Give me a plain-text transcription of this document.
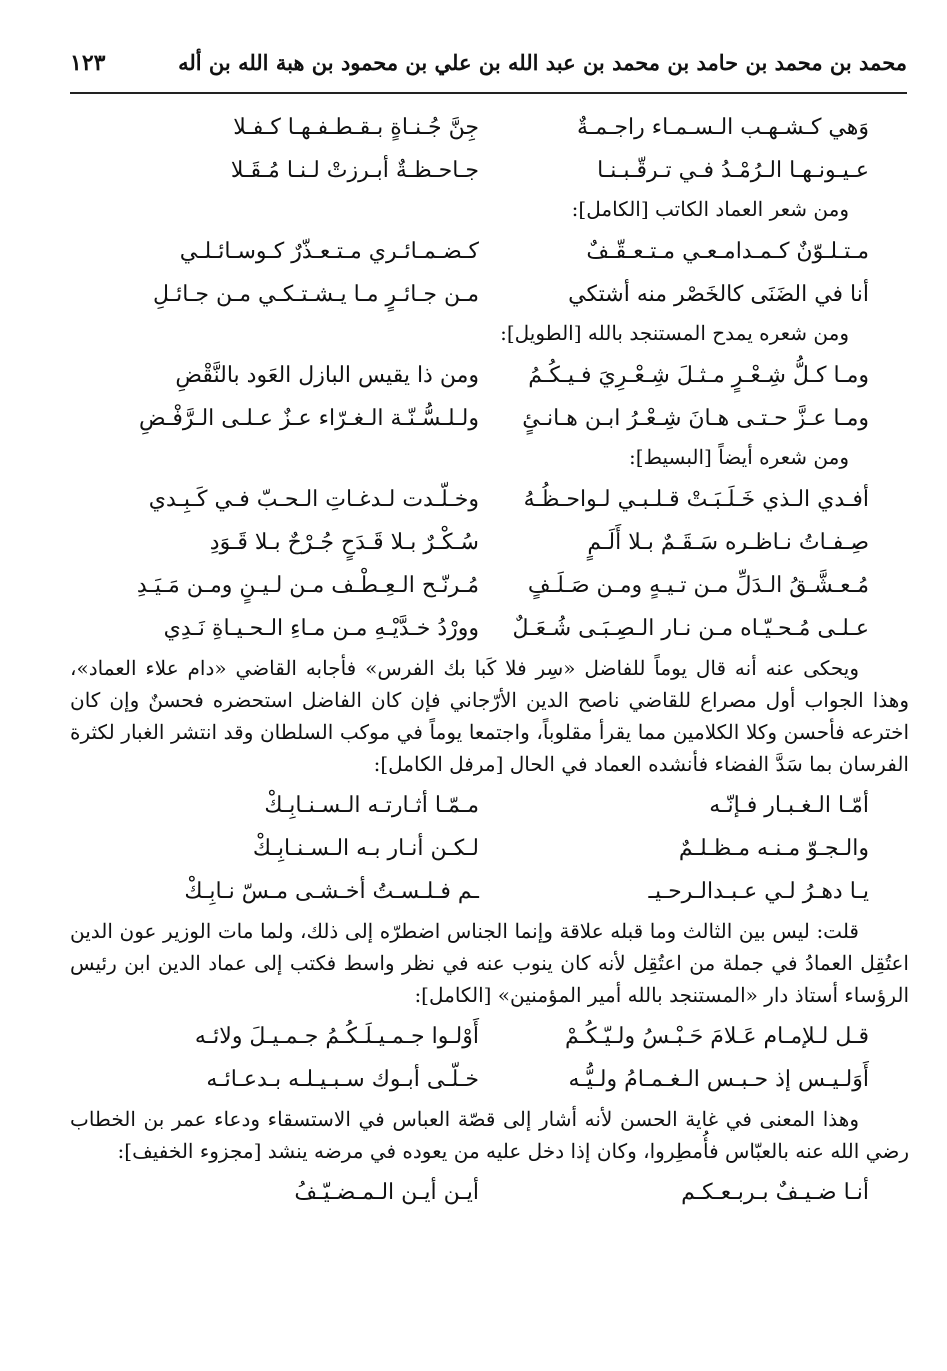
محمد بن محمد بن حامد بن محمد بن عبد الله بن علي بن محمود بن هبة الله بن أله
١٢٣
وَهي كـشـهـب الـسـمـاء راجـمـةٌ
جِنَّ جُـنـاةٍ بـقـطـفـهـا كـفـلا
عـيـونـهـا الـرُمْـدُ فـي تـرقّـبـنـا
جـاحـظـةٌ أبـرزتْ لـنـا مُـقَـلا
ومن شعر العماد الكاتب [الكامل]:
مـتـلـوّنٌ كـمـدامـعـي مـتـعـقّـفٌ
كـضـمـائـري مـتـعـذّرٌ كـوسـائـلـي
أنا في الضَنَى كالخَصْر منه أشتكي
مـن جـائـرٍ مـا يـشـتـكـي مـن جـائـلِ
ومن شعره يمدح المستنجد بالله [الطويل]:
ومـا كـلُّ شِـعْـرٍ مـثـلَ شِـعْـرِيَ فـيـكُـمُ
ومن ذا يقيس البازل العَود بالنَّقْضِ
ومـا عـزَّ حـتـى هـانَ شِـعْـرُ ابـن هـانـئٍ
ولـلـسُّـنّـة الـغـرّاء عـزٌ عـلـى الـرَّفْـضِ
ومن شعره أيضاً [البسيط]:
أفـدي الـذي خَـلَـبَـتْ قـلـبـي لـواحـظُـهُ
وخـلّـدت لـدغـاتِ الـحـبّ فـي كَـبِـدي
صِـفـاتُ نـاظـره سَـقَـمٌ بـلا أَلَـمٍ
سُـكْـرٌ بـلا قَـدَحٍ جُـرْحٌ بـلا قَـوَدِ
مُـعـشَّـقُ الـدَلِّ مـن تـيـهٍ ومـن صَـلَـفٍ
مُـرنّـح الـعِـطْـف مـن لـيـنٍ ومـن مَـيَـدِ
عـلـى مُـحـيّـاه مـن نـار الـصِـبَـى شُـعَـلٌ
وورْدُ خـدَّيْـهِ مـن مـاءِ الـحـيـاةِ نَـدِي
ويحكى عنه أنه قال يوماً للفاضل «سِر فلا كَبا بك الفرس» فأجابه القاضي «دام علاء العماد»، وهذا الجواب أول مصراع للقاضي ناصح الدين الأرّجاني فإن كان الفاضل استحضره فحسنٌ وإن كان اخترعه فأحسن وكلا الكلامين مما يقرأ مقلوباً، واجتمعا يوماً في موكب السلطان وقد انتشر الغبار لكثرة الفرسان بما سَدَّ الفضاء فأنشده العماد في الحال [مرفل الكامل]:
أمّـا الـغـبـار فـإنّـه
مـمّـا أثـارتـه الـسـنـابِـكْ
والـجـوّ مـنـه مـظـلـمٌ
لـكـن أنـار بـه الـسـنـابِـكْ
يـا دهـرُ لـي عـبـدالـرحـيـ
ـم فـلـسـتُ أخـشـى مـسّ نـابِـكْ
قلت: ليس بين الثالث وما قبله علاقة وإنما الجناس اضطرّه إلى ذلك، ولما مات الوزير عون الدين اعتُقِل العمادُ في جملة من اعتُقِل لأنه كان ينوب عنه في نظر واسط فكتب إلى عماد الدين ابن رئيس الرؤساء أستاذ دار «المستنجد بالله أمير المؤمنين» [الكامل]:
قـل لـلإمـام عَـلامَ حَـبْـسُ ولـيّـكُـمْ
أَوْلـوا جـمـيـلَـكُـمُ جـمـيـلَ ولائـه
أَوَلـيـس إذ حـبـس الـغـمـامُ ولـيُّـه
خـلّـى أبـوك سـبـيـلـه بـدعـائـه
وهذا المعنى في غاية الحسن لأنه أشار إلى قصّة العباس في الاستسقاء ودعاء عمر بن الخطاب رضي الله عنه بالعبّاس فأُمطِروا، وكان إذا دخل عليه من يعوده في مرضه ينشد [مجزوء الخفيف]:
أنـا ضـيـفٌ بـربـعـكـم
أيـن أيـن الـمـضـيّـفُ
